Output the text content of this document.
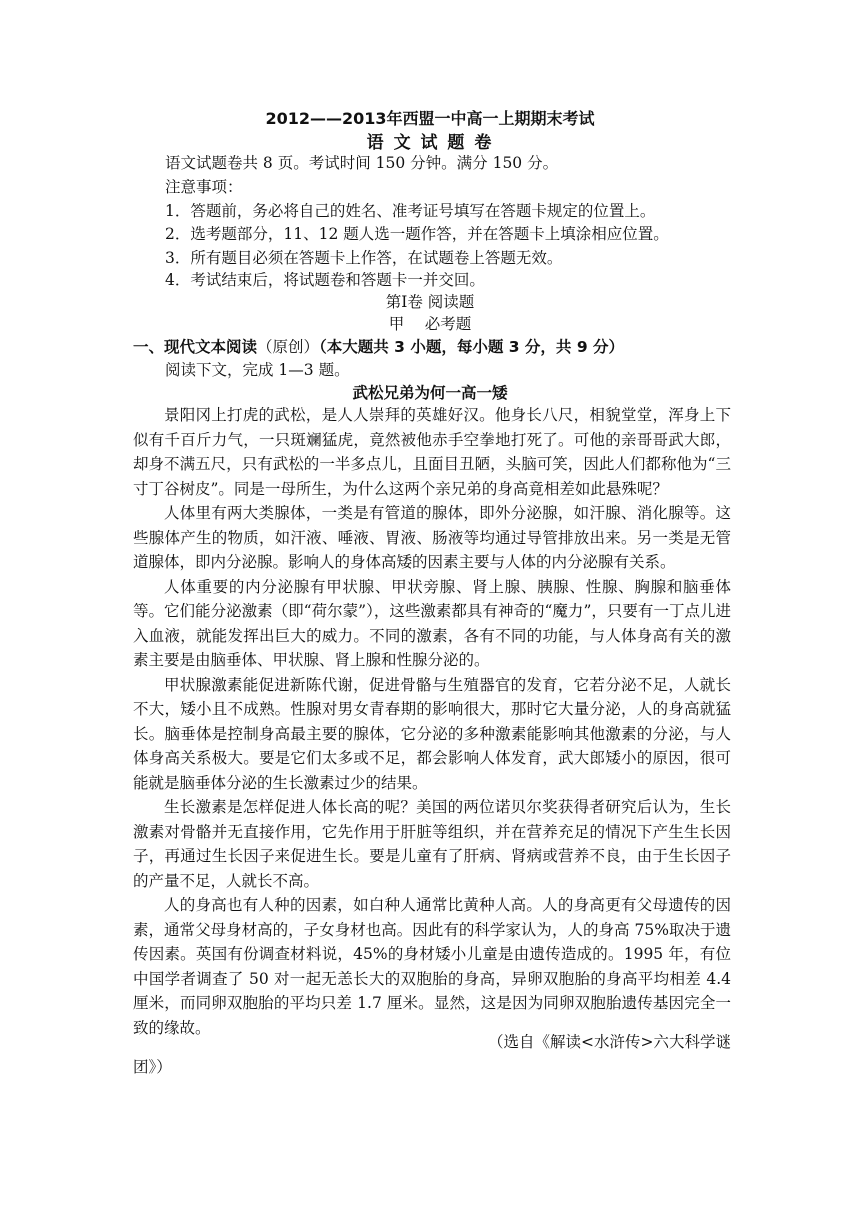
2012——2013年西盟一中高一上期期末考试
语 文 试 题 卷
语文试题卷共 8 页。考试时间 150 分钟。满分 150 分。
注意事项：
1．答题前，务必将自己的姓名、准考证号填写在答题卡规定的位置上。
2．选考题部分，11、12 题人选一题作答，并在答题卡上填涂相应位置。
3．所有题目必须在答题卡上作答，在试题卷上答题无效。
4．考试结束后，将试题卷和答题卡一并交回。
第Ⅰ卷 阅读题
甲　 必考题
一、现代文本阅读（原创）（本大题共 3 小题，每小题 3 分，共 9 分）
阅读下文，完成 1—3 题。
武松兄弟为何一高一矮

景阳冈上打虎的武松，是人人崇拜的英雄好汉。他身长八尺，相貌堂堂，浑身上下似有千百斤力气，一只斑斓猛虎，竟然被他赤手空拳地打死了。可他的亲哥哥武大郎，却身不满五尺，只有武松的一半多点儿，且面目丑陋，头脑可笑，因此人们都称他为“三寸丁谷树皮”。同是一母所生，为什么这两个亲兄弟的身高竟相差如此悬殊呢？

人体里有两大类腺体，一类是有管道的腺体，即外分泌腺，如汗腺、消化腺等。这些腺体产生的物质，如汗液、唾液、胃液、肠液等均通过导管排放出来。另一类是无管道腺体，即内分泌腺。影响人的身体高矮的因素主要与人体的内分泌腺有关系。

人体重要的内分泌腺有甲状腺、甲状旁腺、肾上腺、胰腺、性腺、胸腺和脑垂体等。它们能分泌激素（即“荷尔蒙”），这些激素都具有神奇的“魔力”，只要有一丁点儿进入血液，就能发挥出巨大的威力。不同的激素，各有不同的功能，与人体身高有关的激素主要是由脑垂体、甲状腺、肾上腺和性腺分泌的。

甲状腺激素能促进新陈代谢，促进骨骼与生殖器官的发育，它若分泌不足，人就长不大，矮小且不成熟。性腺对男女青春期的影响很大，那时它大量分泌，人的身高就猛长。脑垂体是控制身高最主要的腺体，它分泌的多种激素能影响其他激素的分泌，与人体身高关系极大。要是它们太多或不足，都会影响人体发育，武大郎矮小的原因，很可能就是脑垂体分泌的生长激素过少的结果。

生长激素是怎样促进人体长高的呢？美国的两位诺贝尔奖获得者研究后认为，生长激素对骨骼并无直接作用，它先作用于肝脏等组织，并在营养充足的情况下产生生长因子，再通过生长因子来促进生长。要是儿童有了肝病、肾病或营养不良，由于生长因子的产量不足，人就长不高。

人的身高也有人种的因素，如白种人通常比黄种人高。人的身高更有父母遗传的因素，通常父母身材高的，子女身材也高。因此有的科学家认为，人的身高 75%取决于遗传因素。英国有份调查材料说，45%的身材矮小儿童是由遗传造成的。1995 年，有位中国学者调查了 50 对一起无恙长大的双胞胎的身高，异卵双胞胎的身高平均相差 4.4 厘米，而同卵双胞胎的平均只差 1.7 厘米。显然，这是因为同卵双胞胎遗传基因完全一致的缘故。

（选自《解读<水浒传>六大科学谜
团》）
